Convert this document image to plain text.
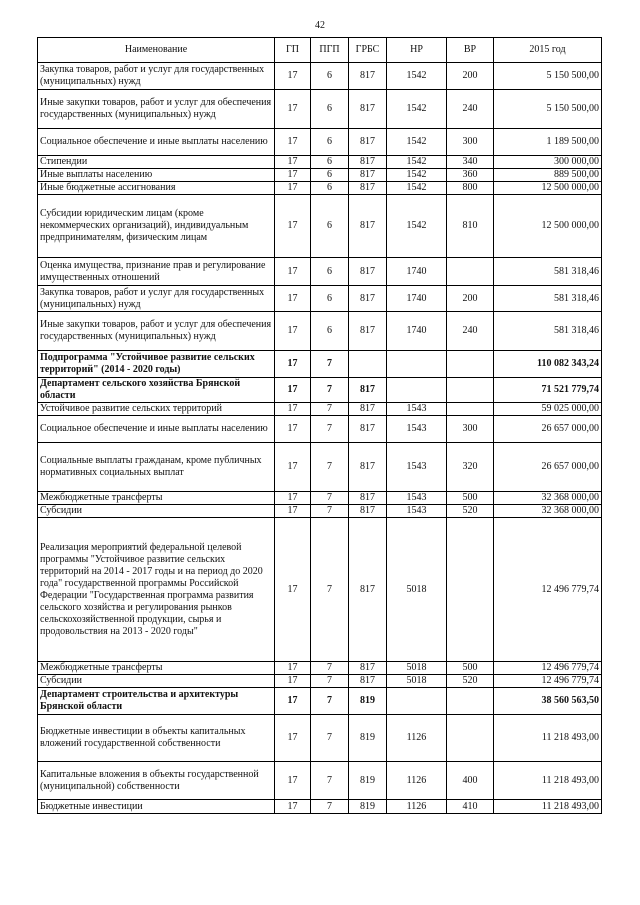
42
Наименование	ГП	ПГП	ГРБС	НР	ВР	2015 год
Закупка товаров, работ и услуг для государственных (муниципальных) нужд	17	6	817	1542	200	5 150 500,00
Иные закупки товаров, работ и услуг для обеспечения государственных (муниципальных) нужд	17	6	817	1542	240	5 150 500,00
Социальное обеспечение и иные выплаты населению	17	6	817	1542	300	1 189 500,00
Стипендии	17	6	817	1542	340	300 000,00
Иные выплаты населению	17	6	817	1542	360	889 500,00
Иные бюджетные ассигнования	17	6	817	1542	800	12 500 000,00
Субсидии юридическим лицам (кроме некоммерческих организаций), индивидуальным предпринимателям, физическим лицам	17	6	817	1542	810	12 500 000,00
Оценка имущества, признание прав и регулирование имущественных отношений	17	6	817	1740		581 318,46
Закупка товаров, работ и услуг для государственных (муниципальных) нужд	17	6	817	1740	200	581 318,46
Иные закупки товаров, работ и услуг для обеспечения государственных (муниципальных) нужд	17	6	817	1740	240	581 318,46
Подпрограмма "Устойчивое развитие сельских территорий" (2014 - 2020 годы)	17	7				110 082 343,24
Департамент сельского хозяйства Брянской области	17	7	817			71 521 779,74
Устойчивое развитие сельских территорий	17	7	817	1543		59 025 000,00
Социальное обеспечение и иные выплаты населению	17	7	817	1543	300	26 657 000,00
Социальные выплаты гражданам, кроме публичных нормативных социальных выплат	17	7	817	1543	320	26 657 000,00
Межбюджетные трансферты	17	7	817	1543	500	32 368 000,00
Субсидии	17	7	817	1543	520	32 368 000,00
Реализация мероприятий федеральной целевой программы "Устойчивое развитие сельских территорий на 2014 - 2017 годы и на период до 2020 года" государственной программы Российской Федерации "Государственная программа развития сельского хозяйства и регулирования рынков сельскохозяйственной продукции, сырья и продовольствия на 2013 - 2020 годы"	17	7	817	5018		12 496 779,74
Межбюджетные трансферты	17	7	817	5018	500	12 496 779,74
Субсидии	17	7	817	5018	520	12 496 779,74
Департамент строительства и архитектуры Брянской области	17	7	819			38 560 563,50
Бюджетные инвестиции в объекты капитальных вложений государственной собственности	17	7	819	1126		11 218 493,00
Капитальные вложения в объекты государственной (муниципальной) собственности	17	7	819	1126	400	11 218 493,00
Бюджетные инвестиции	17	7	819	1126	410	11 218 493,00
